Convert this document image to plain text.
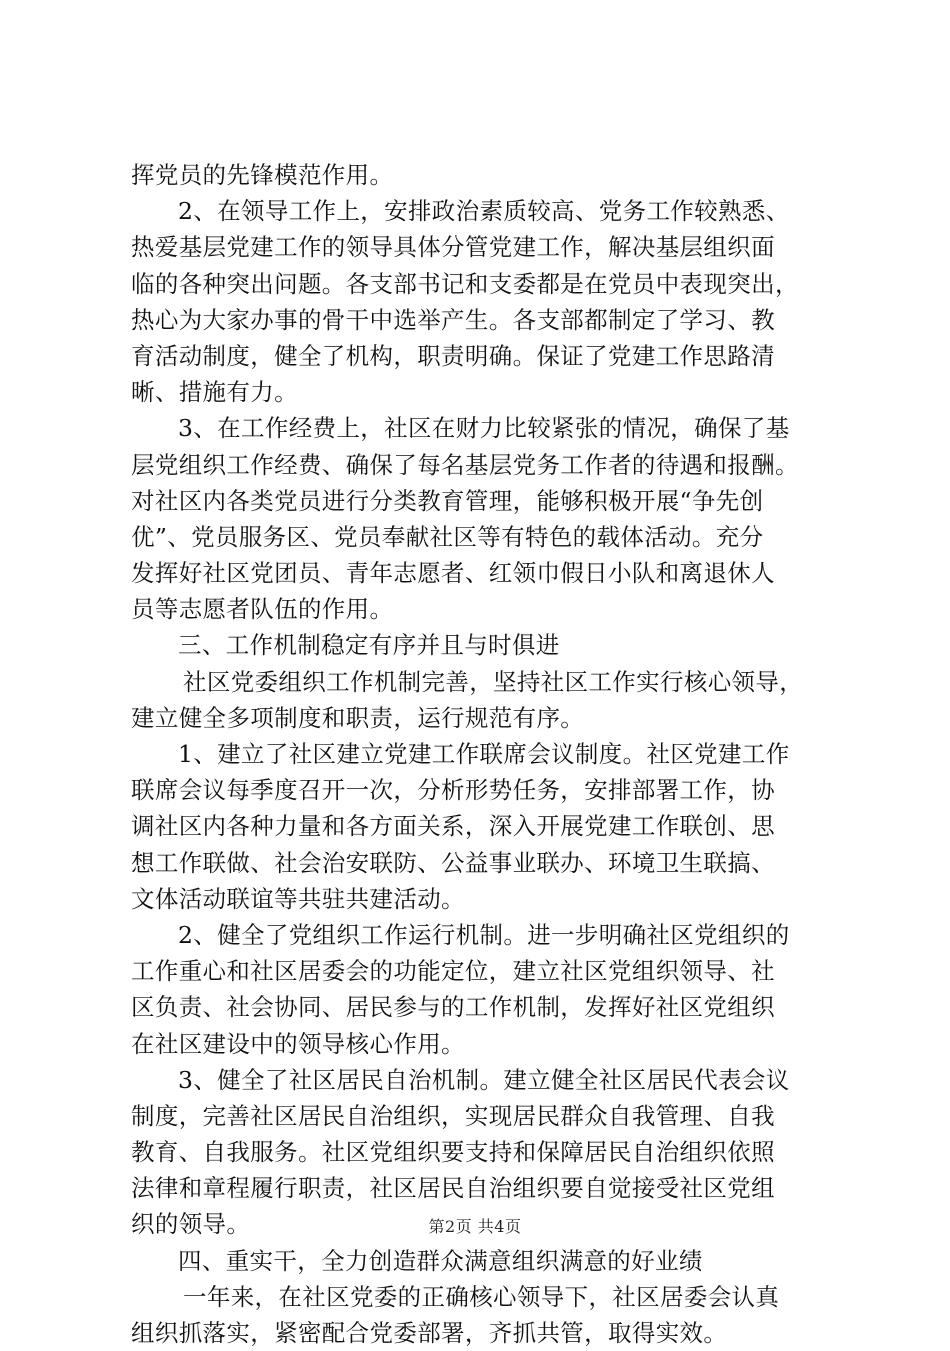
挥党员的先锋模范作用。
2、在领导工作上，安排政治素质较高、党务工作较熟悉、
热爱基层党建工作的领导具体分管党建工作，解决基层组织面
临的各种突出问题。各支部书记和支委都是在党员中表现突出，
热心为大家办事的骨干中选举产生。各支部都制定了学习、教
育活动制度，健全了机构，职责明确。保证了党建工作思路清
晰、措施有力。
3、在工作经费上，社区在财力比较紧张的情况，确保了基
层党组织工作经费、确保了每名基层党务工作者的待遇和报酬。
对社区内各类党员进行分类教育管理，能够积极开展“争先创
优”、党员服务区、党员奉献社区等有特色的载体活动。充分
发挥好社区党团员、青年志愿者、红领巾假日小队和离退休人
员等志愿者队伍的作用。
三、工作机制稳定有序并且与时俱进
社区党委组织工作机制完善，坚持社区工作实行核心领导，
建立健全多项制度和职责，运行规范有序。
1、建立了社区建立党建工作联席会议制度。社区党建工作
联席会议每季度召开一次，分析形势任务，安排部署工作，协
调社区内各种力量和各方面关系，深入开展党建工作联创、思
想工作联做、社会治安联防、公益事业联办、环境卫生联搞、
文体活动联谊等共驻共建活动。
2、健全了党组织工作运行机制。进一步明确社区党组织的
工作重心和社区居委会的功能定位，建立社区党组织领导、社
区负责、社会协同、居民参与的工作机制，发挥好社区党组织
在社区建设中的领导核心作用。
3、健全了社区居民自治机制。建立健全社区居民代表会议
制度，完善社区居民自治组织，实现居民群众自我管理、自我
教育、自我服务。社区党组织要支持和保障居民自治组织依照
法律和章程履行职责，社区居民自治组织要自觉接受社区党组
织的领导。
四、重实干，全力创造群众满意组织满意的好业绩
一年来，在社区党委的正确核心领导下，社区居委会认真
组织抓落实，紧密配合党委部署，齐抓共管，取得实效。
第2页 共4页
